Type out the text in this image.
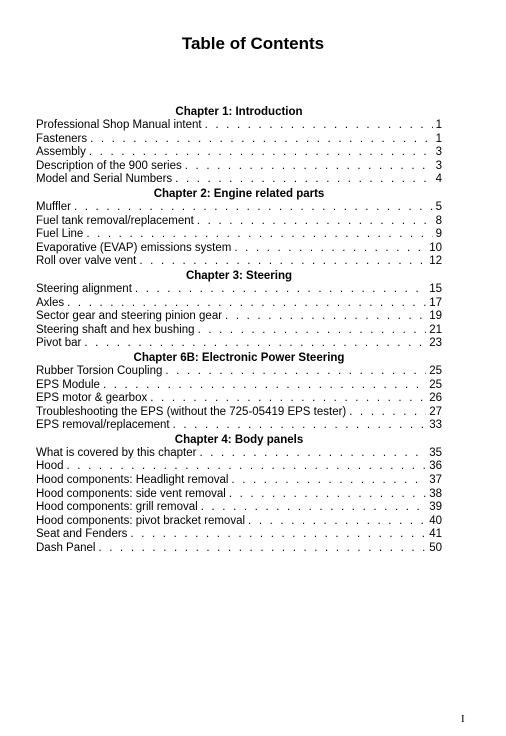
Table of Contents
Chapter 1: Introduction
Professional Shop Manual intent . . .	1
Fasteners . . .	1
Assembly . . .	3
Description of the 900 series . . .	3
Model and Serial Numbers . . .	4
Chapter 2: Engine related parts
Muffler . . .	5
Fuel tank removal/replacement . . .	8
Fuel Line . . .	9
Evaporative (EVAP) emissions system . . .	10
Roll over valve vent . . .	12
Chapter 3: Steering
Steering alignment . . .	15
Axles . . .	17
Sector gear and steering pinion gear . . .	19
Steering shaft and hex bushing . . .	21
Pivot bar . . .	23
Chapter 6B: Electronic Power Steering
Rubber Torsion Coupling . . .	25
EPS Module . . .	25
EPS motor & gearbox . . .	26
Troubleshooting the EPS (without the 725-05419 EPS tester) . . .	27
EPS removal/replacement . . .	33
Chapter 4: Body panels
What is covered by this chapter . . .	35
Hood . . .	36
Hood components: Headlight removal . . .	37
Hood components: side vent removal . . .	38
Hood components: grill removal . . .	39
Hood components: pivot bracket removal . . .	40
Seat and Fenders . . .	41
Dash Panel . . .	50
I
